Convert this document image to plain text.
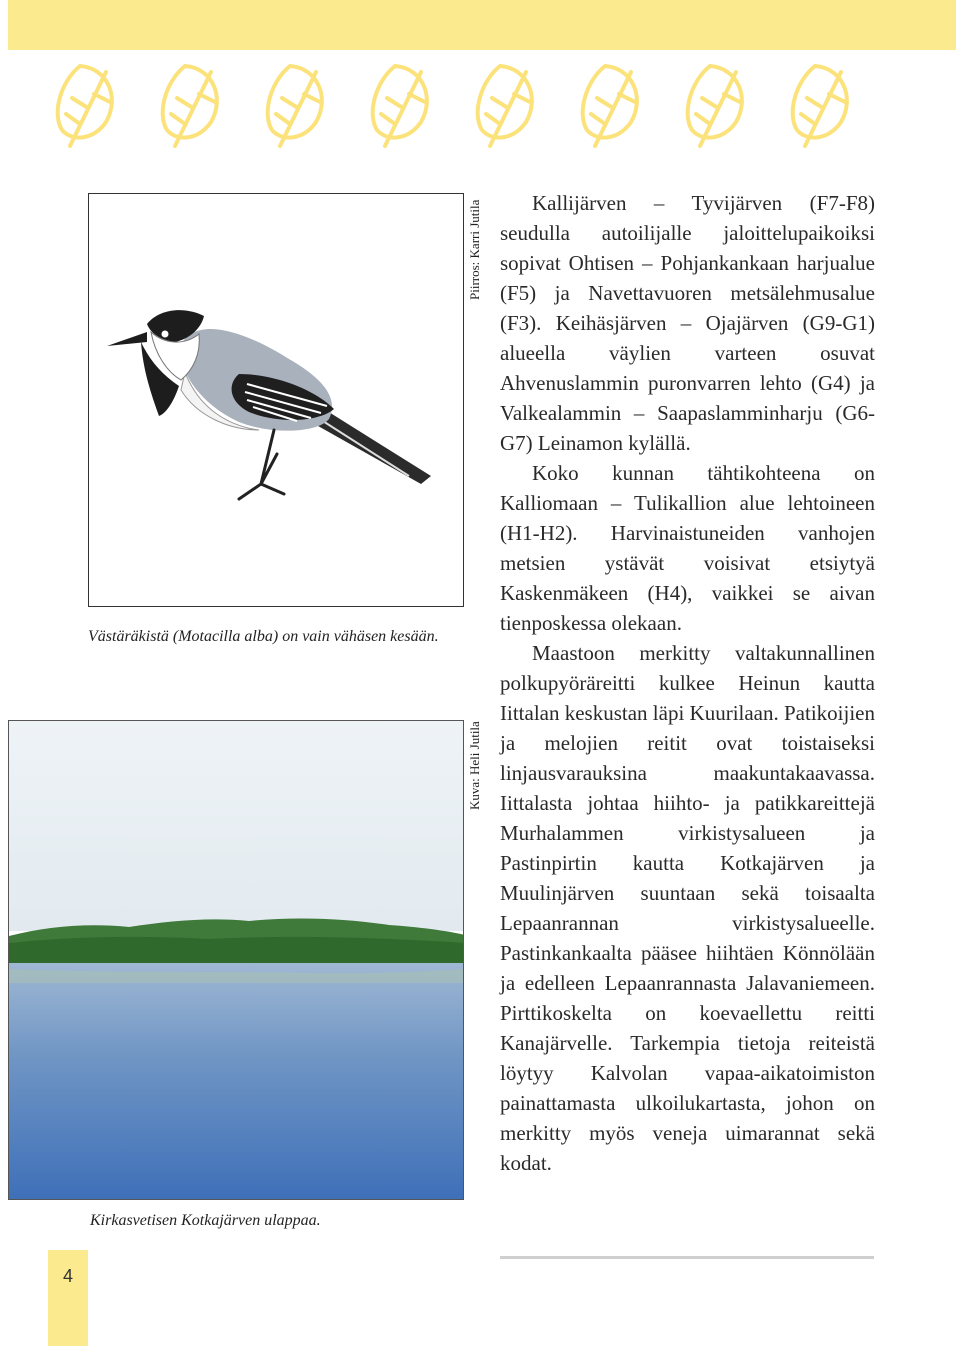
Piirros: Karri Jutila
Västäräkistä (Motacilla alba) on vain vähäsen kesään.
Kuva: Heli Jutila
Kirkasvetisen Kotkajärven ulappaa.

Kallijärven – Tyvijärven (F7-F8) seudulla autoilijalle jaloittelupaikoiksi sopivat Ohtisen – Pohjankankaan harjualue (F5) ja Navettavuoren metsälehmusalue (F3). Keihäsjärven – Ojajärven (G9-G1) alueella väylien varteen osuvat Ahvenuslammin puronvarren lehto (G4) ja Valkealammin – Saapaslamminharju (G6-G7) Leinamon kylällä.

Koko kunnan tähtikohteena on Kalliomaan – Tulikallion alue lehtoineen (H1-H2). Harvinaistuneiden vanhojen metsien ystävät voisivat etsiytyä Kaskenmäkeen (H4), vaikkei se aivan tienposkessa olekaan.

Maastoon merkitty valtakunnallinen polkupyöräreitti kulkee Heinun kautta Iittalan keskustan läpi Kuurilaan. Patikoijien ja melojien reitit ovat toistaiseksi linjausvarauksina maakuntakaavassa. Iittalasta johtaa hiihto- ja patikkareittejä Murhalammen virkistysalueen ja Pastinpirtin kautta Kotkajärven ja Muulinjärven suuntaan sekä toisaalta Lepaanrannan virkistysalueelle. Pastinkankaalta pääsee hiihtäen Könnölään ja edelleen Lepaanrannasta Jalavaniemeen. Pirttikoskelta on koevaellettu reitti Kanajärvelle. Tarkempia tietoja reiteistä löytyy Kalvolan vapaa-aikatoimiston painattamasta ulkoilukartasta, johon on merkitty myös veneja uimarannat sekä kodat.

4
